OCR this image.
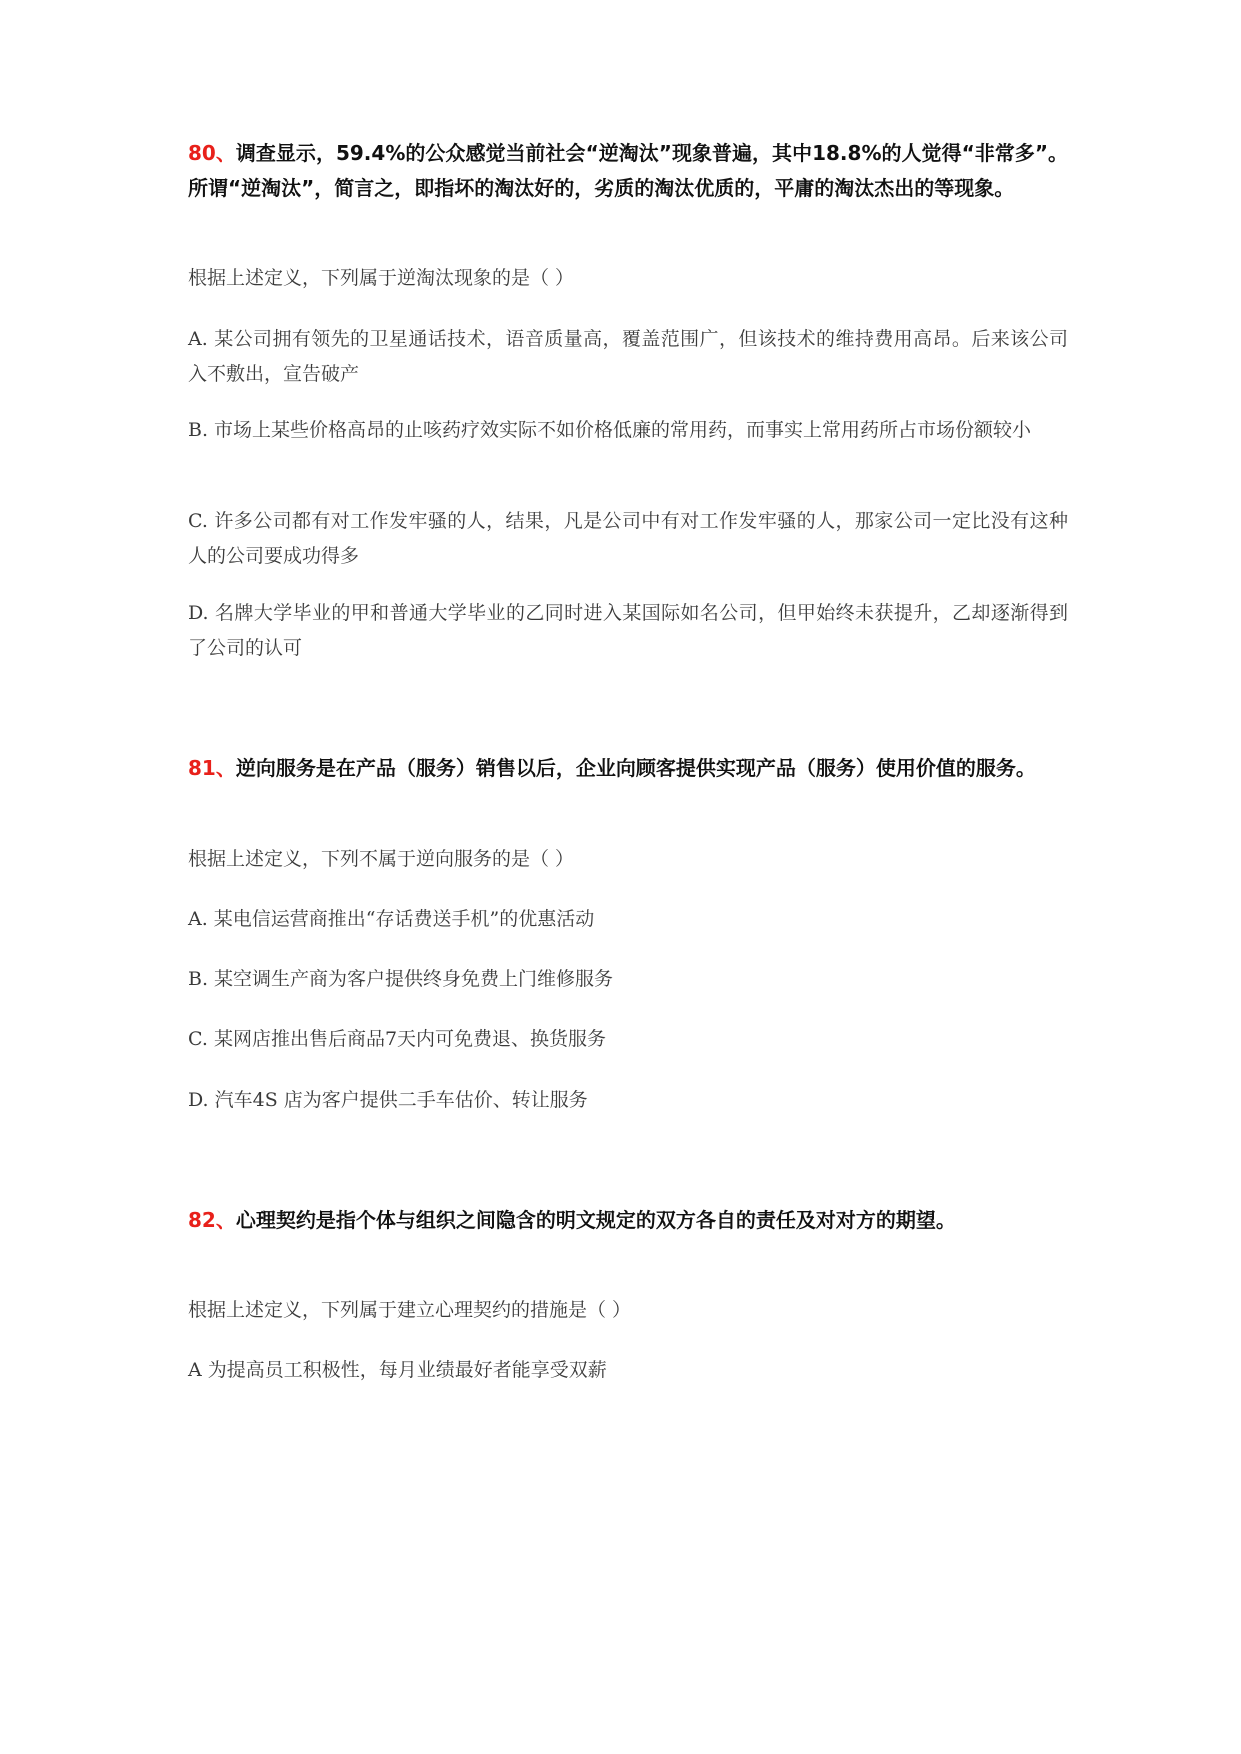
80、调查显示，59.4%的公众感觉当前社会“逆淘汰”现象普遍，其中18.8%的人觉得“非常多”。所谓“逆淘汰”，简言之，即指坏的淘汰好的，劣质的淘汰优质的，平庸的淘汰杰出的等现象。
根据上述定义，下列属于逆淘汰现象的是（ ）
A. 某公司拥有领先的卫星通话技术，语音质量高，覆盖范围广，但该技术的维持费用高昂。后来该公司入不敷出，宣告破产
B. 市场上某些价格高昂的止咳药疗效实际不如价格低廉的常用药，而事实上常用药所占市场份额较小
C. 许多公司都有对工作发牢骚的人，结果，凡是公司中有对工作发牢骚的人，那家公司一定比没有这种人的公司要成功得多
D. 名牌大学毕业的甲和普通大学毕业的乙同时进入某国际如名公司，但甲始终未获提升，乙却逐渐得到了公司的认可
81、逆向服务是在产品（服务）销售以后，企业向顾客提供实现产品（服务）使用价值的服务。
根据上述定义，下列不属于逆向服务的是（ ）
A. 某电信运营商推出“存话费送手机”的优惠活动
B. 某空调生产商为客户提供终身免费上门维修服务
C. 某网店推出售后商品7天内可免费退、换货服务
D. 汽车4S 店为客户提供二手车估价、转让服务
82、心理契约是指个体与组织之间隐含的明文规定的双方各自的责任及对对方的期望。
根据上述定义，下列属于建立心理契约的措施是（ ）
A 为提高员工积极性，每月业绩最好者能享受双薪
